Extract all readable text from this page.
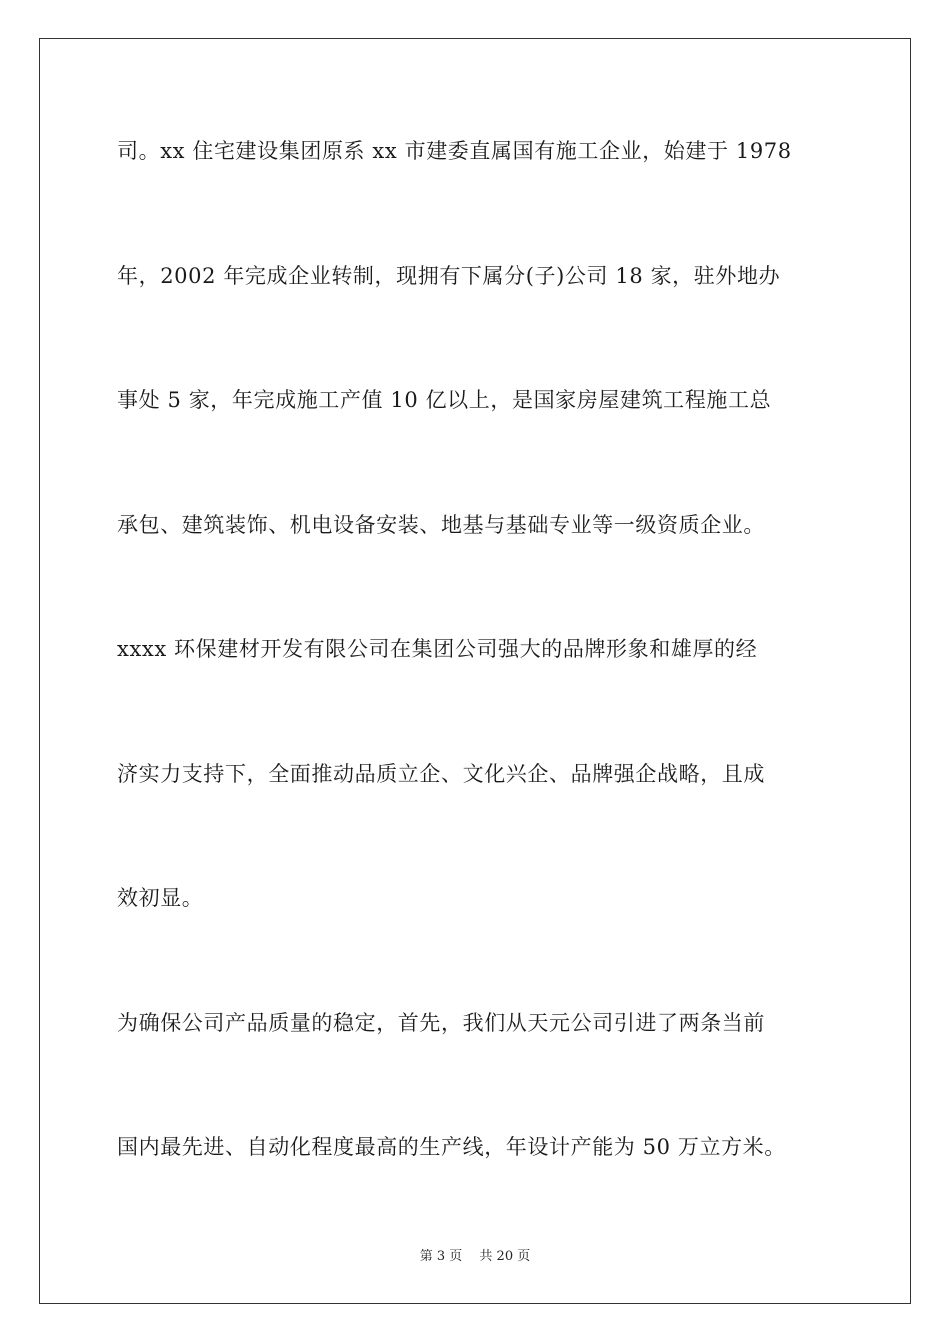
司。xx 住宅建设集团原系 xx 市建委直属国有施工企业，始建于 1978
年，2002 年完成企业转制，现拥有下属分(子)公司 18 家，驻外地办
事处 5 家，年完成施工产值 10 亿以上，是国家房屋建筑工程施工总
承包、建筑装饰、机电设备安装、地基与基础专业等一级资质企业。
xxxx 环保建材开发有限公司在集团公司强大的品牌形象和雄厚的经
济实力支持下，全面推动品质立企、文化兴企、品牌强企战略，且成
效初显。
为确保公司产品质量的稳定，首先，我们从天元公司引进了两条当前
国内最先进、自动化程度最高的生产线，年设计产能为 50 万立方米。
第 3 页　 共 20 页
